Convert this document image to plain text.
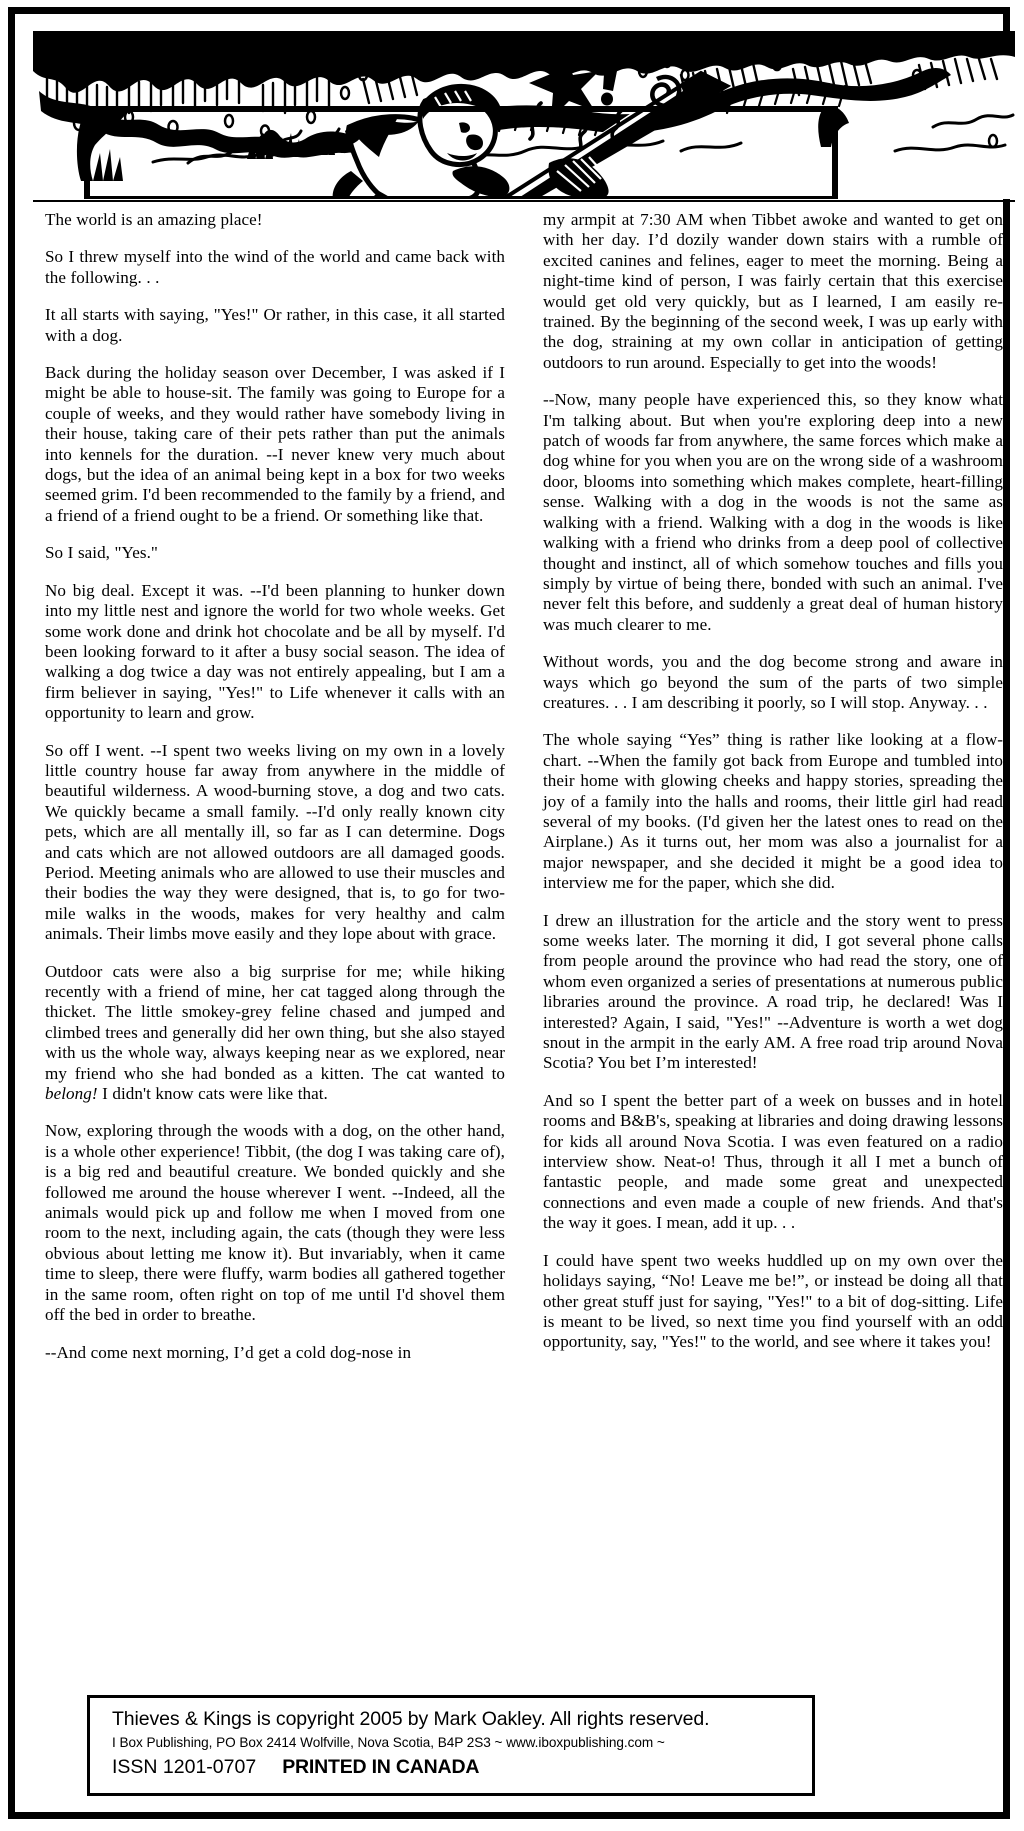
The world is an amazing place!

So I threw myself into the wind of the world and came back with the following. . .

It all starts with saying, "Yes!" Or rather, in this case, it all started with a dog.

Back during the holiday season over December, I was asked if I might be able to house-sit. The family was going to Europe for a couple of weeks, and they would rather have somebody living in their house, taking care of their pets rather than put the animals into kennels for the duration. --I never knew very much about dogs, but the idea of an animal being kept in a box for two weeks seemed grim. I'd been recommended to the family by a friend, and a friend of a friend ought to be a friend. Or something like that.

So I said, "Yes."

No big deal. Except it was. --I'd been planning to hunker down into my little nest and ignore the world for two whole weeks. Get some work done and drink hot chocolate and be all by myself. I'd been looking forward to it after a busy social season. The idea of walking a dog twice a day was not entirely appealing, but I am a firm believer in saying, "Yes!" to Life whenever it calls with an opportunity to learn and grow.

So off I went. --I spent two weeks living on my own in a lovely little country house far away from anywhere in the middle of beautiful wilderness. A wood-burning stove, a dog and two cats. We quickly became a small family. --I'd only really known city pets, which are all mentally ill, so far as I can determine. Dogs and cats which are not allowed outdoors are all damaged goods. Period. Meeting animals who are allowed to use their muscles and their bodies the way they were designed, that is, to go for two-mile walks in the woods, makes for very healthy and calm animals. Their limbs move easily and they lope about with grace.

Outdoor cats were also a big surprise for me; while hiking recently with a friend of mine, her cat tagged along through the thicket. The little smokey-grey feline chased and jumped and climbed trees and generally did her own thing, but she also stayed with us the whole way, always keeping near as we explored, near my friend who she had bonded as a kitten. The cat wanted to belong! I didn't know cats were like that.

Now, exploring through the woods with a dog, on the other hand, is a whole other experience! Tibbit, (the dog I was taking care of), is a big red and beautiful creature. We bonded quickly and she followed me around the house wherever I went. --Indeed, all the animals would pick up and follow me when I moved from one room to the next, including again, the cats (though they were less obvious about letting me know it). But invariably, when it came time to sleep, there were fluffy, warm bodies all gathered together in the same room, often right on top of me until I'd shovel them off the bed in order to breathe.

--And come next morning, I’d get a cold dog-nose in

my armpit at 7:30 AM when Tibbet awoke and wanted to get on with her day. I’d dozily wander down stairs with a rumble of excited canines and felines, eager to meet the morning. Being a night-time kind of person, I was fairly certain that this exercise would get old very quickly, but as I learned, I am easily re-trained. By the beginning of the second week, I was up early with the dog, straining at my own collar in anticipation of getting outdoors to run around. Especially to get into the woods!

--Now, many people have experienced this, so they know what I'm talking about. But when you're exploring deep into a new patch of woods far from anywhere, the same forces which make a dog whine for you when you are on the wrong side of a washroom door, blooms into something which makes complete, heart-filling sense. Walking with a dog in the woods is not the same as walking with a friend. Walking with a dog in the woods is like walking with a friend who drinks from a deep pool of collective thought and instinct, all of which somehow touches and fills you simply by virtue of being there, bonded with such an animal. I've never felt this before, and suddenly a great deal of human history was much clearer to me.

Without words, you and the dog become strong and aware in ways which go beyond the sum of the parts of two simple creatures. . . I am describing it poorly, so I will stop. Anyway. . .

The whole saying “Yes” thing is rather like looking at a flow-chart. --When the family got back from Europe and tumbled into their home with glowing cheeks and happy stories, spreading the joy of a family into the halls and rooms, their little girl had read several of my books. (I'd given her the latest ones to read on the Airplane.) As it turns out, her mom was also a journalist for a major newspaper, and she decided it might be a good idea to interview me for the paper, which she did.

I drew an illustration for the article and the story went to press some weeks later. The morning it did, I got several phone calls from people around the province who had read the story, one of whom even organized a series of presentations at numerous public libraries around the province. A road trip, he declared! Was I interested? Again, I said, "Yes!" --Adventure is worth a wet dog snout in the armpit in the early AM. A free road trip around Nova Scotia? You bet I’m interested!

And so I spent the better part of a week on busses and in hotel rooms and B&B's, speaking at libraries and doing drawing lessons for kids all around Nova Scotia. I was even featured on a radio interview show. Neat-o! Thus, through it all I met a bunch of fantastic people, and made some great and unexpected connections and even made a couple of new friends. And that's the way it goes. I mean, add it up. . .

I could have spent two weeks huddled up on my own over the holidays saying, “No! Leave me be!”, or instead be doing all that other great stuff just for saying, "Yes!" to a bit of dog-sitting. Life is meant to be lived, so next time you find yourself with an odd opportunity, say, "Yes!" to the world, and see where it takes you!

Thieves & Kings is copyright 2005 by Mark Oakley. All rights reserved.
I Box Publishing, PO Box 2414 Wolfville, Nova Scotia, B4P 2S3 ~ www.iboxpublishing.com ~
ISSN 1201-0707 PRINTED IN CANADA
